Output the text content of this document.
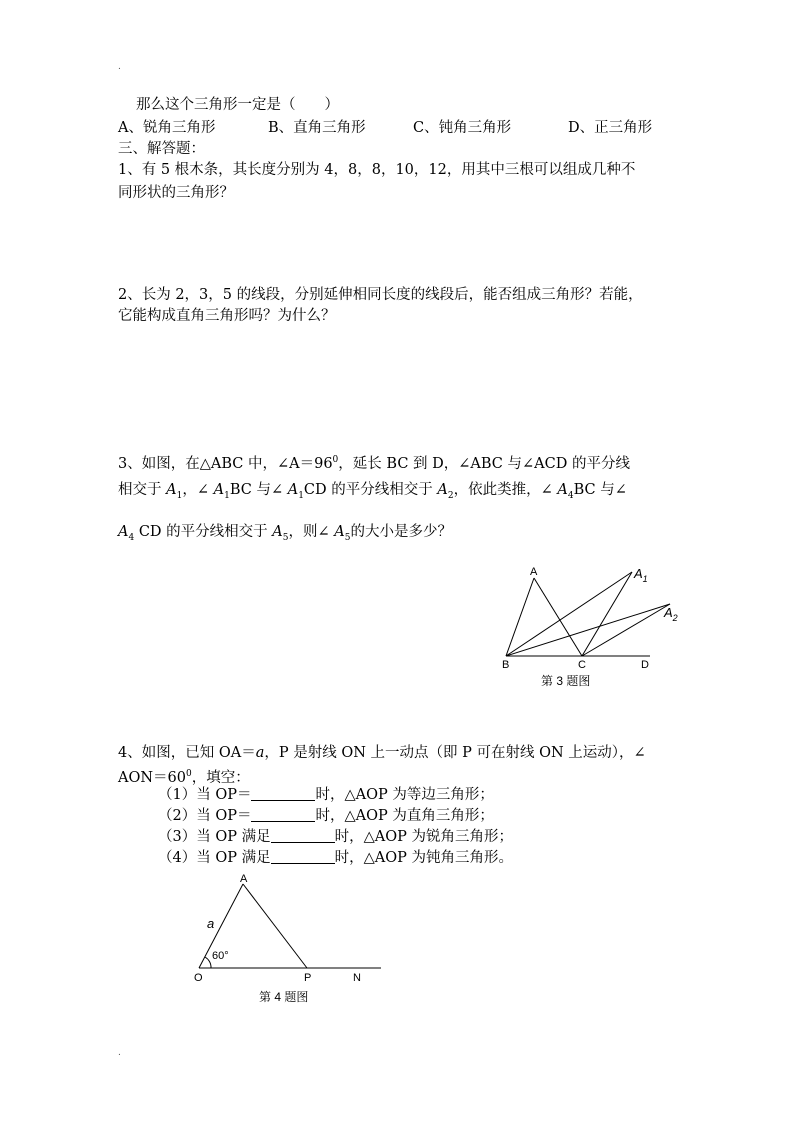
.
那么这个三角形一定是（　　）
A、锐角三角形	B、直角三角形	C、钝角三角形	D、正三角形
三、解答题：
1、有 5 根木条，其长度分别为 4，8，8，10，12，用其中三根可以组成几种不
同形状的三角形？
2、长为 2，3，5 的线段，分别延伸相同长度的线段后，能否组成三角形？若能，
它能构成直角三角形吗？为什么？
3、如图，在△ABC 中，$\angle A=96^0$，延长 BC 到 D，∠ABC 与∠ACD 的平分线
相交于 $A_1$，∠ $A_1BC$ 与∠ $A_1CD$ 的平分线相交于 $A_2$，依此类推，∠ $A_4BC$ 与∠
$A_4$ CD 的平分线相交于 $A_5$，则∠ $A_5$的大小是多少？
A	$A_1$
$A_2$
B	C	D
第 3 题图
4、如图，已知 OA＝a，P 是射线 ON 上一动点（即 P 可在射线 ON 上运动），∠
$AON=60^0$，填空：
（1）当 OP＝	时，△AOP 为等边三角形；
（2）当 OP＝	时，△AOP 为直角三角形；
（3）当 OP 满足	时，△AOP 为锐角三角形；
（4）当 OP 满足	时，△AOP 为钝角三角形。
A
a
60°
O	P	N
第 4 题图
.
